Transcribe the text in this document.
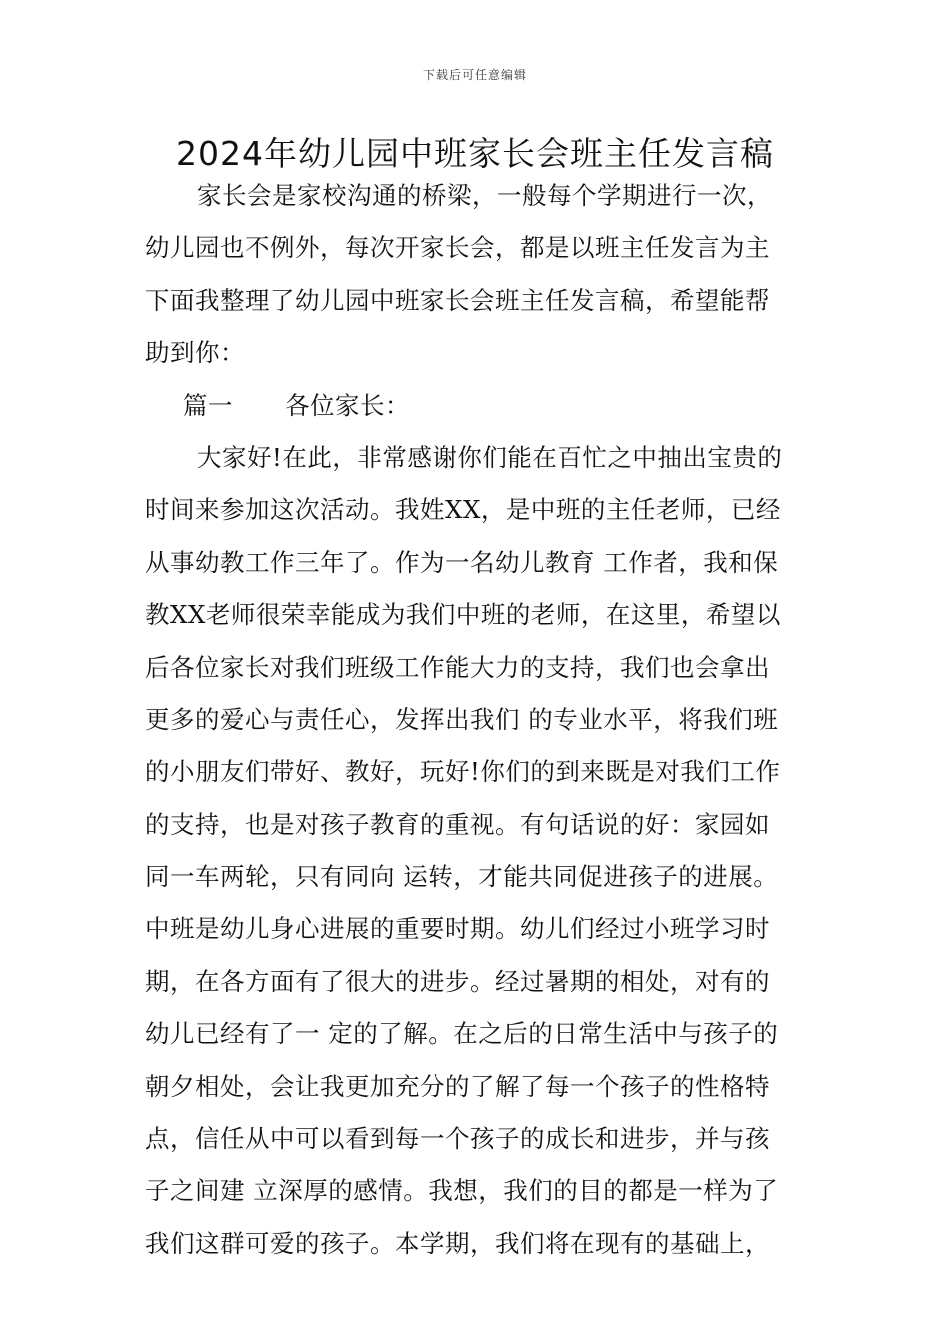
下载后可任意编辑
2024年幼儿园中班家长会班主任发言稿
家长会是家校沟通的桥梁，一般每个学期进行一次，
幼儿园也不例外，每次开家长会，都是以班主任发言为主
下面我整理了幼儿园中班家长会班主任发言稿，希望能帮
助到你：
篇一 各位家长：
大家好!在此，非常感谢你们能在百忙之中抽出宝贵的
时间来参加这次活动。我姓XX，是中班的主任老师，已经
从事幼教工作三年了。作为一名幼儿教育 工作者，我和保
教XX老师很荣幸能成为我们中班的老师，在这里，希望以
后各位家长对我们班级工作能大力的支持，我们也会拿出
更多的爱心与责任心，发挥出我们 的专业水平，将我们班
的小朋友们带好、教好，玩好!你们的到来既是对我们工作
的支持，也是对孩子教育的重视。有句话说的好：家园如
同一车两轮，只有同向 运转，才能共同促进孩子的进展。
中班是幼儿身心进展的重要时期。幼儿们经过小班学习时
期，在各方面有了很大的进步。经过暑期的相处，对有的
幼儿已经有了一 定的了解。在之后的日常生活中与孩子的
朝夕相处，会让我更加充分的了解了每一个孩子的性格特
点，信任从中可以看到每一个孩子的成长和进步，并与孩
子之间建 立深厚的感情。我想，我们的目的都是一样为了
我们这群可爱的孩子。本学期，我们将在现有的基础上，
